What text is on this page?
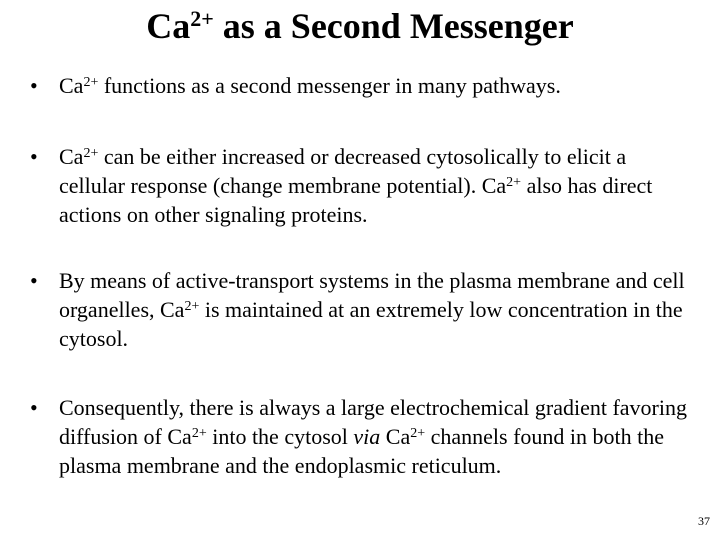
$Ca^{2+}$ as a Second Messenger
• $Ca^{2+}$ functions as a second messenger in many pathways.
• $Ca^{2+}$ can be either increased or decreased cytosolically to elicit a cellular response (change membrane potential). $Ca^{2+}$ also has direct actions on other signaling proteins.
• By means of active-transport systems in the plasma membrane and cell organelles, $Ca^{2+}$ is maintained at an extremely low concentration in the cytosol.
• Consequently, there is always a large electrochemical gradient favoring diffusion of $Ca^{2+}$ into the cytosol via $Ca^{2+}$ channels found in both the plasma membrane and the endoplasmic reticulum.
37
